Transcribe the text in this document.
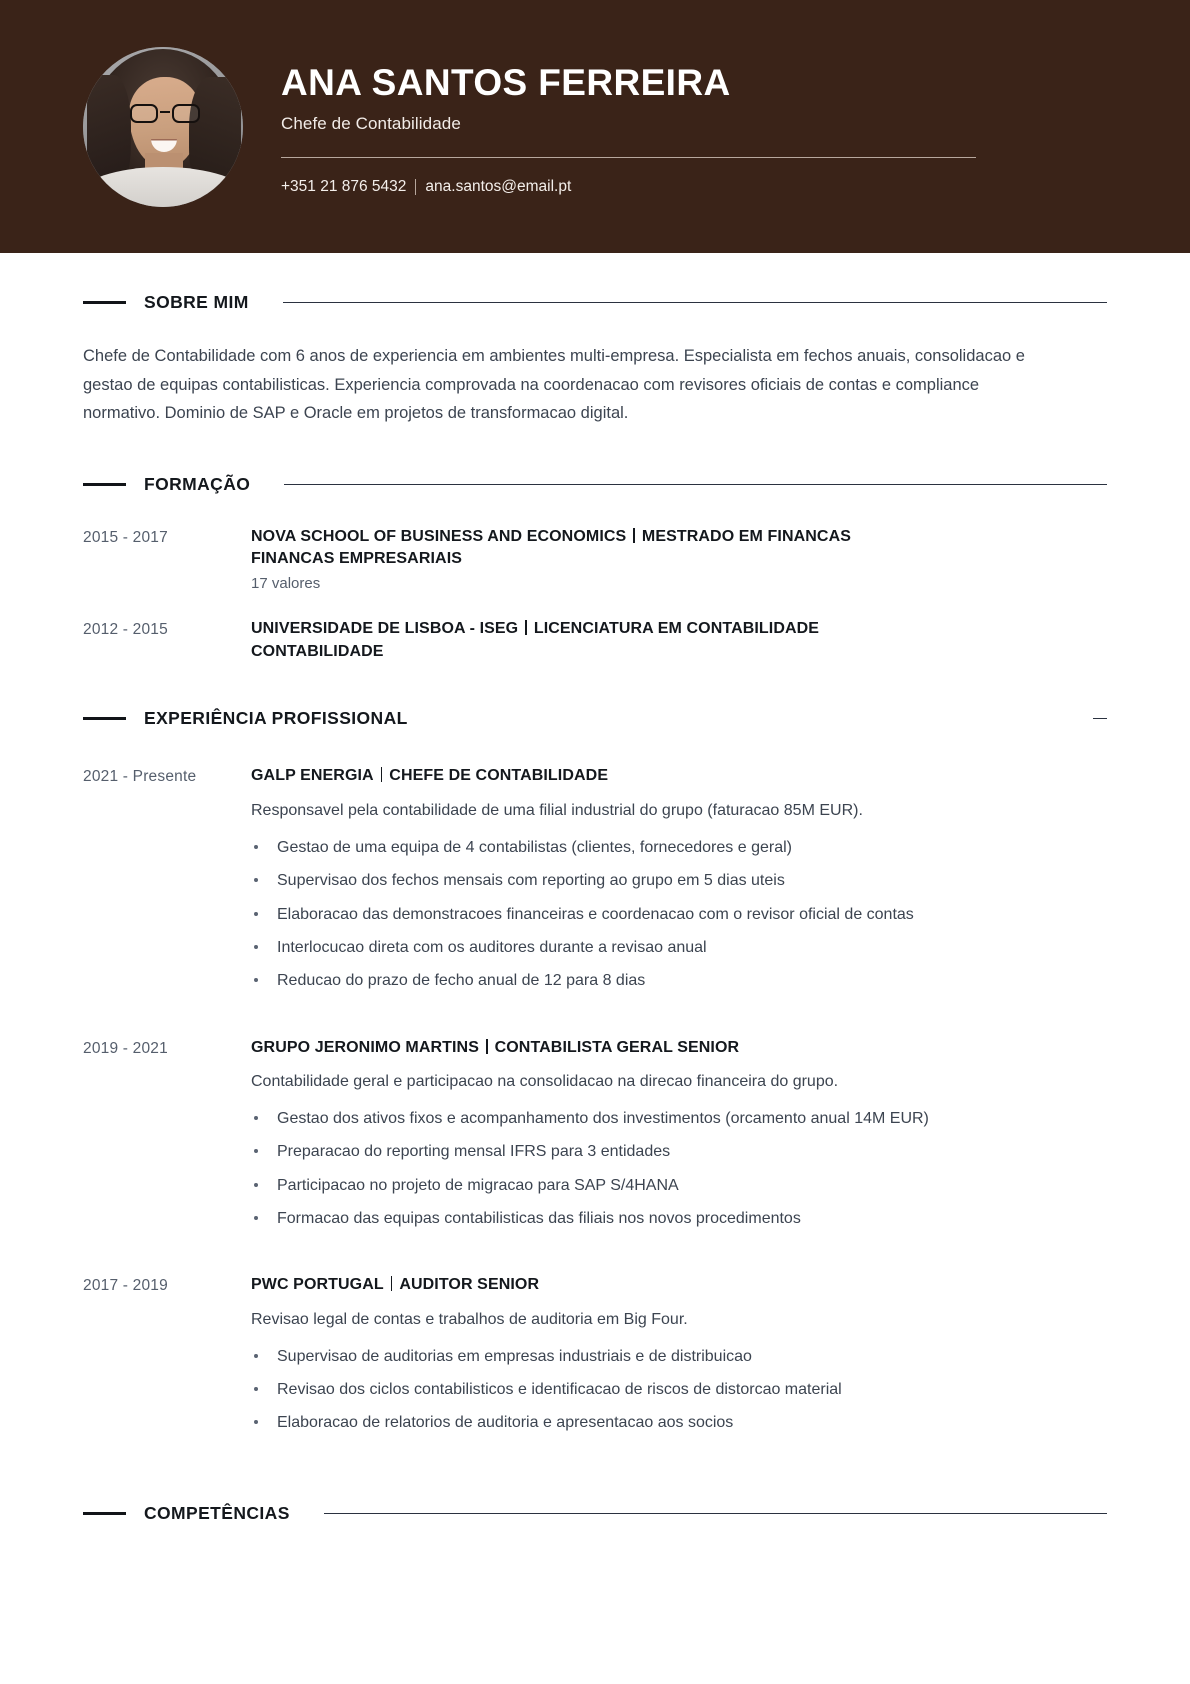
ANA SANTOS FERREIRA
Chefe de Contabilidade
+351 21 876 5432 ana.santos@email.pt
SOBRE MIM

Chefe de Contabilidade com 6 anos de experiencia em ambientes multi-empresa. Especialista em fechos anuais, consolidacao e gestao de equipas contabilisticas. Experiencia comprovada na coordenacao com revisores oficiais de contas e compliance normativo. Dominio de SAP e Oracle em projetos de transformacao digital.

FORMAÇÃO
2015 - 2017	NOVA SCHOOL OF BUSINESS AND ECONOMICS MESTRADO EM FINANCAS
FINANCAS EMPRESARIAIS
17 valores
2012 - 2015	UNIVERSIDADE DE LISBOA - ISEG LICENCIATURA EM CONTABILIDADE
CONTABILIDADE
EXPERIÊNCIA PROFISSIONAL
2021 - Presente	GALP ENERGIA CHEFE DE CONTABILIDADE
Responsavel pela contabilidade de uma filial industrial do grupo (faturacao 85M EUR).
Gestao de uma equipa de 4 contabilistas (clientes, fornecedores e geral)
Supervisao dos fechos mensais com reporting ao grupo em 5 dias uteis
Elaboracao das demonstracoes financeiras e coordenacao com o revisor oficial de contas
Interlocucao direta com os auditores durante a revisao anual
Reducao do prazo de fecho anual de 12 para 8 dias
2019 - 2021	GRUPO JERONIMO MARTINS CONTABILISTA GERAL SENIOR
Contabilidade geral e participacao na consolidacao na direcao financeira do grupo.
Gestao dos ativos fixos e acompanhamento dos investimentos (orcamento anual 14M EUR)
Preparacao do reporting mensal IFRS para 3 entidades
Participacao no projeto de migracao para SAP S/4HANA
Formacao das equipas contabilisticas das filiais nos novos procedimentos
2017 - 2019	PWC PORTUGAL AUDITOR SENIOR
Revisao legal de contas e trabalhos de auditoria em Big Four.
Supervisao de auditorias em empresas industriais e de distribuicao
Revisao dos ciclos contabilisticos e identificacao de riscos de distorcao material
Elaboracao de relatorios de auditoria e apresentacao aos socios
COMPETÊNCIAS
